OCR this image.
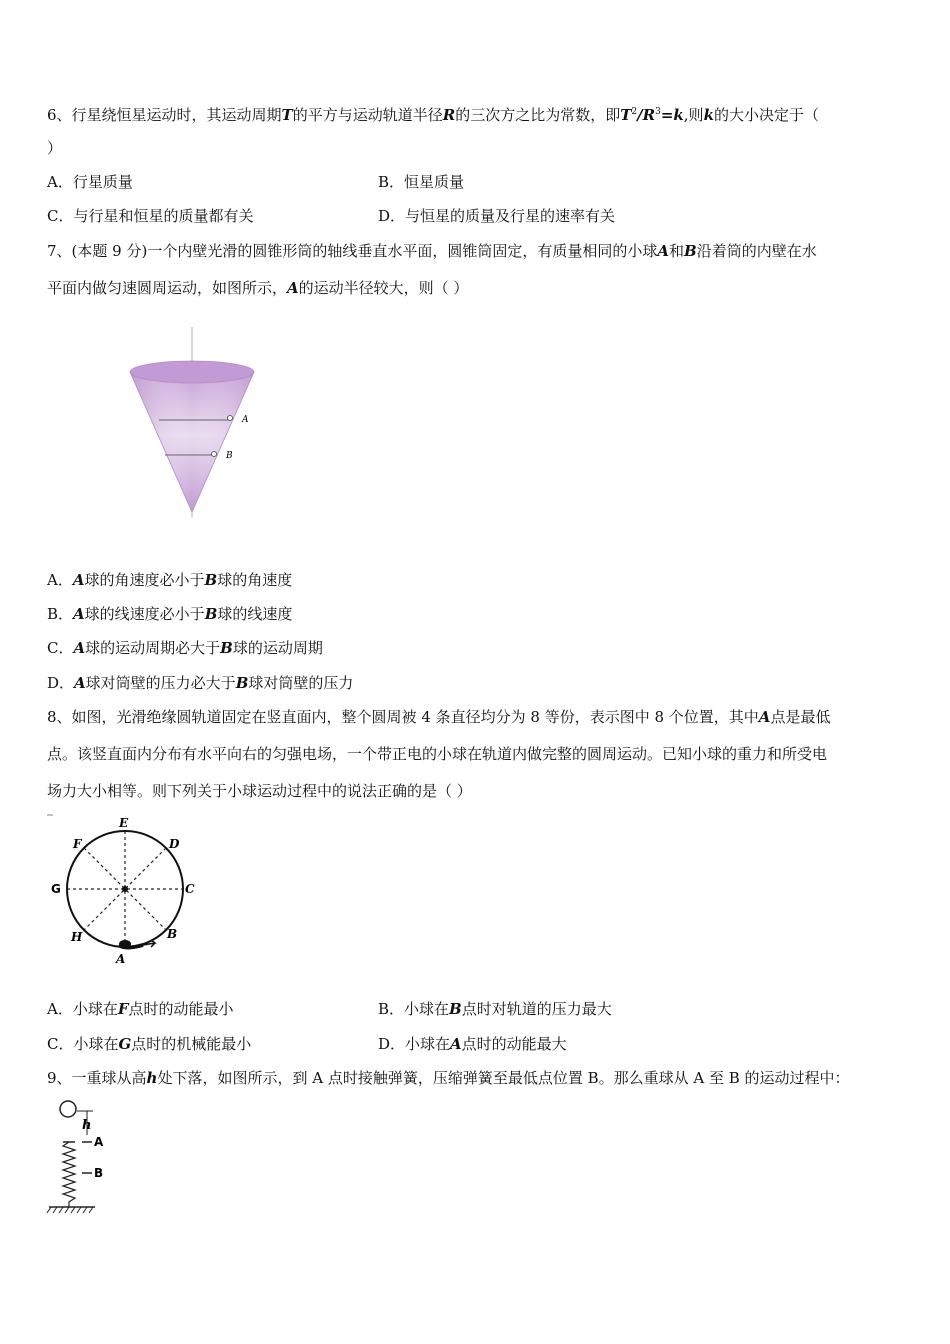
6、行星绕恒星运动时，其运动周期T的平方与运动轨道半径R的三次方之比为常数，即$T^2/R^3=k$,则k的大小决定于（
）
A．行星质量	B．恒星质量
C．与行星和恒星的质量都有关	D．与恒星的质量及行星的速率有关
7、(本题 9 分)一个内壁光滑的圆锥形筒的轴线垂直水平面，圆锥筒固定，有质量相同的小球A和B沿着筒的内壁在水
平面内做匀速圆周运动，如图所示，A的运动半径较大，则（ ）
A
B
A．A球的角速度必小于B球的角速度
B．A球的线速度必小于B球的线速度
C．A球的运动周期必大于B球的运动周期
D．A球对筒壁的压力必大于B球对筒壁的压力
8、如图，光滑绝缘圆轨道固定在竖直面内，整个圆周被 4 条直径均分为 8 等份，表示图中 8 个位置，其中A点是最低
点。该竖直面内分布有水平向右的匀强电场，一个带正电的小球在轨道内做完整的圆周运动。已知小球的重力和所受电
场力大小相等。则下列关于小球运动过程中的说法正确的是（ ）
E
D
F
G	C
H	B
A
A．小球在F点时的动能最小	B．小球在B点时对轨道的压力最大
C．小球在G点时的机械能最小	D．小球在A点时的动能最大
9、一重球从高h处下落，如图所示，到 A 点时接触弹簧，压缩弹簧至最低点位置 B。那么重球从 A 至 B 的运动过程中：
h
A
B
